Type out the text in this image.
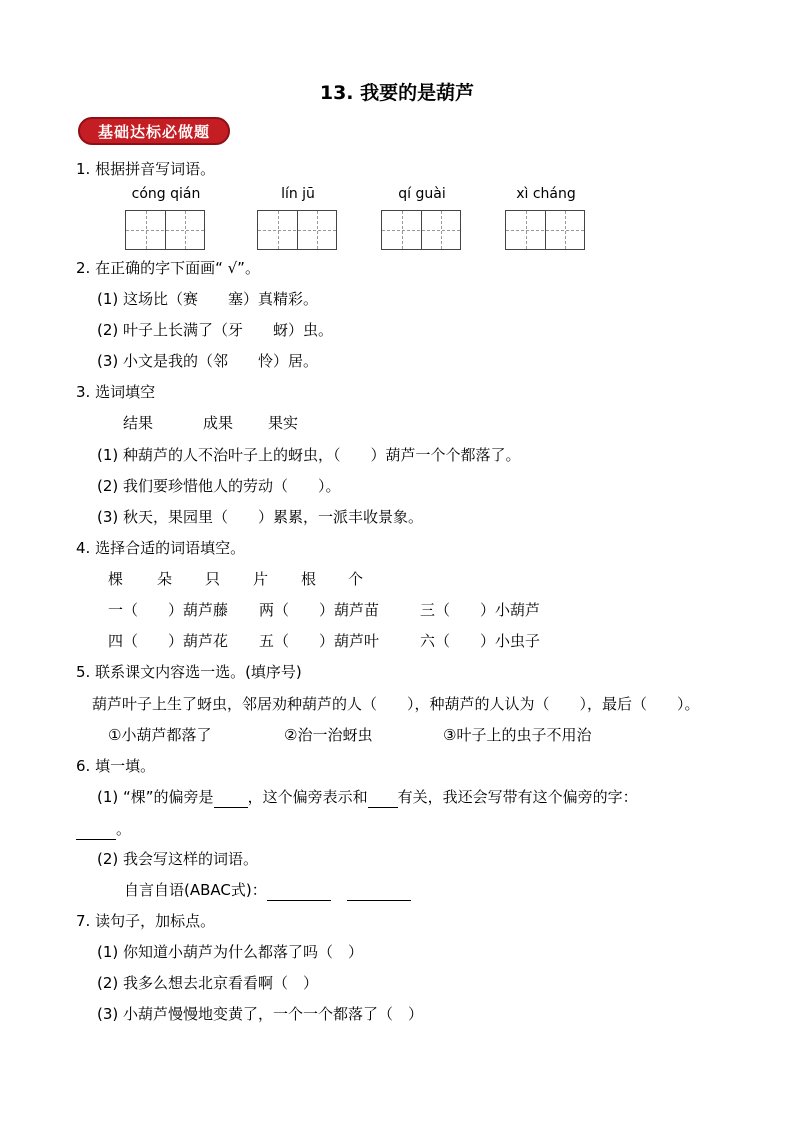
13. 我要的是葫芦
基础达标必做题
1. 根据拼音写词语。
cóng qián	lín jū	qí guài	xì cháng
2. 在正确的字下面画“ √”。
(1) 这场比（赛　　塞）真精彩。
(2) 叶子上长满了（牙　　蚜）虫。
(3) 小文是我的（邻　　怜）居。
3. 选词填空
结果	成果 果实
(1) 种葫芦的人不治叶子上的蚜虫，（　　）葫芦一个个都落了。
(2) 我们要珍惜他人的劳动（　　）。
(3) 秋天，果园里（　　）累累，一派丰收景象。
4. 选择合适的词语填空。
棵 朵 只 片 根 个
一（　　）葫芦藤 两（　　）葫芦苗	三（　　）小葫芦
四（　　）葫芦花 五（　　）葫芦叶	六（　　）小虫子
5. 联系课文内容选一选。(填序号)
葫芦叶子上生了蚜虫，邻居劝种葫芦的人（　　），种葫芦的人认为（　　），最后（　　）。
①小葫芦都落了	②治一治蚜虫	③叶子上的虫子不用治
6. 填一填。
(1) “棵”的偏旁是 ，这个偏旁表示和 有关，我还会写带有这个偏旁的字：
。
(2) 我会写这样的词语。
自言自语(ABAC式)：
7. 读句子，加标点。
(1) 你知道小葫芦为什么都落了吗（　）
(2) 我多么想去北京看看啊（　）
(3) 小葫芦慢慢地变黄了，一个一个都落了（　）
